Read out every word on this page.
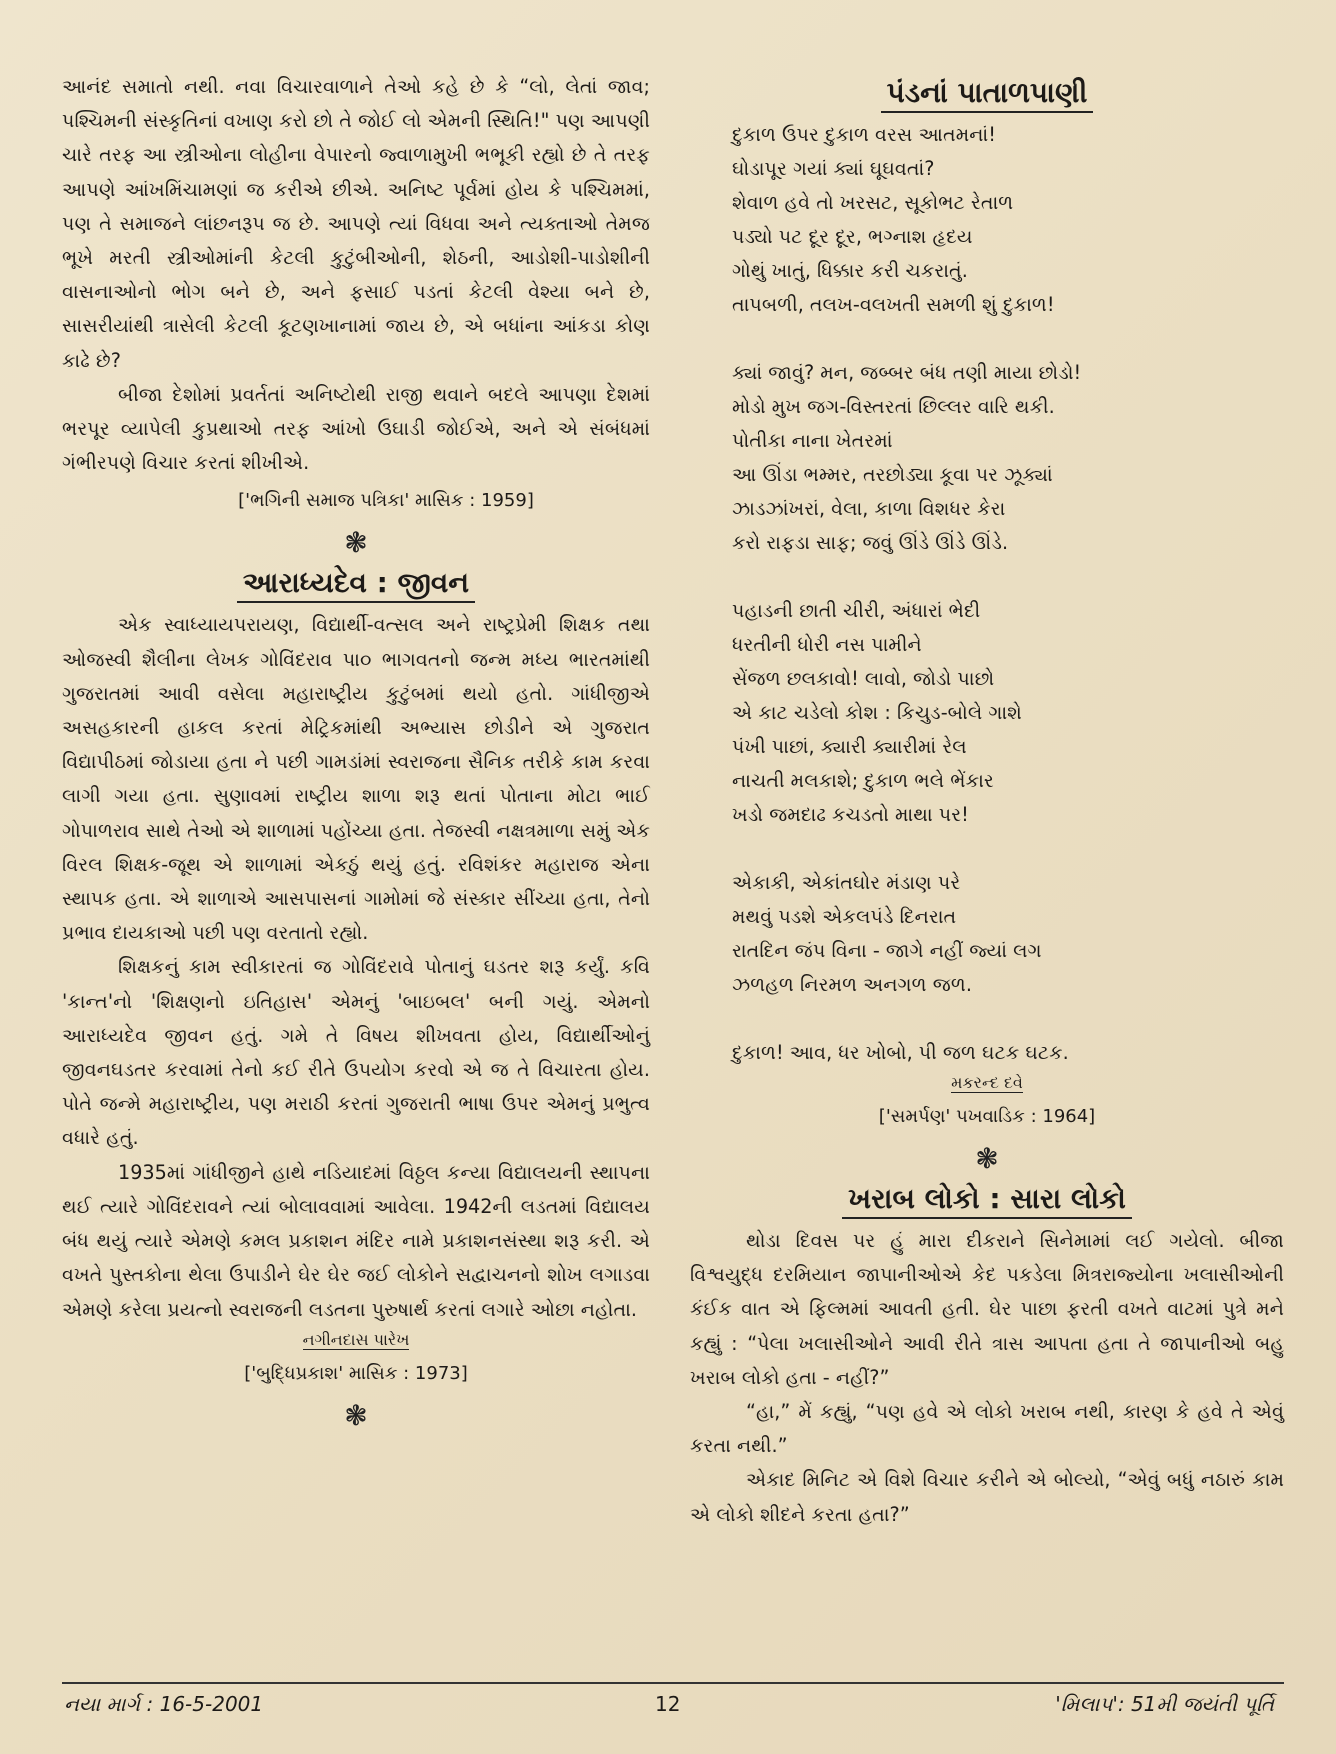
આનંદ સમાતો નથી. નવા વિચારવાળાને તેઓ કહે છે કે “લો, લેતાં જાવ; પશ્ચિમની સંસ્કૃતિનાં વખાણ કરો છો તે જોઈ લો એમની સ્થિતિ!" પણ આપણી ચારે તરફ આ સ્ત્રીઓના લોહીના વેપારનો જ્વાળામુખી ભભૂકી રહ્યો છે તે તરફ આપણે આંખમિંચામણાં જ કરીએ છીએ. અનિષ્ટ પૂર્વમાં હોય કે પશ્ચિમમાં, પણ તે સમાજને લાંછનરૂપ જ છે. આપણે ત્યાં વિધવા અને ત્યક્તાઓ તેમજ ભૂખે મરતી સ્ત્રીઓમાંની કેટલી કુટુંબીઓની, શેઠની, આડોશી-પાડોશીની વાસનાઓનો ભોગ બને છે, અને ફસાઈ પડતાં કેટલી વેશ્યા બને છે, સાસરીયાંથી ત્રાસેલી કેટલી કૂટણખાનામાં જાય છે, એ બધાંના આંકડા કોણ કાઢે છે?

બીજા દેશોમાં પ્રવર્તતાં અનિષ્ટોથી રાજી થવાને બદલે આપણા દેશમાં ભરપૂર વ્યાપેલી કુપ્રથાઓ તરફ આંખો ઉઘાડી જોઈએ, અને એ સંબંધમાં ગંભીરપણે વિચાર કરતાં શીખીએ.

['ભગિની સમાજ પત્રિકા' માસિક : 1959]

❃
આરાધ્યદેવ : જીવન

એક સ્વાધ્યાયપરાયણ, વિદ્યાર્થી-વત્સલ અને રાષ્ટ્રપ્રેમી શિક્ષક તથા ઓજસ્વી શૈલીના લેખક ગોવિંદરાવ પા૦ ભાગવતનો જન્મ મધ્ય ભારતમાંથી ગુજરાતમાં આવી વસેલા મહારાષ્ટ્રીય કુટુંબમાં થયો હતો. ગાંધીજીએ અસહકારની હાકલ કરતાં મેટ્રિકમાંથી અભ્યાસ છોડીને એ ગુજરાત વિદ્યાપીઠમાં જોડાયા હતા ને પછી ગામડાંમાં સ્વરાજના સૈનિક તરીકે કામ કરવા લાગી ગયા હતા. સુણાવમાં રાષ્ટ્રીય શાળા શરૂ થતાં પોતાના મોટા ભાઈ ગોપાળરાવ સાથે તેઓ એ શાળામાં પહોંચ્યા હતા. તેજસ્વી નક્ષત્રમાળા સમું એક વિરલ શિક્ષક-જૂથ એ શાળામાં એકઠું થયું હતું. રવિશંકર મહારાજ એના સ્થાપક હતા. એ શાળાએ આસપાસનાં ગામોમાં જે સંસ્કાર સીંચ્યા હતા, તેનો પ્રભાવ દાયકાઓ પછી પણ વરતાતો રહ્યો.

શિક્ષકનું કામ સ્વીકારતાં જ ગોવિંદરાવે પોતાનું ઘડતર શરૂ કર્યું. કવિ 'કાન્ત'નો 'શિક્ષણનો ઇતિહાસ' એમનું 'બાઇબલ' બની ગયું. એમનો આરાધ્યદેવ જીવન હતું. ગમે તે વિષય શીખવતા હોય, વિદ્યાર્થીઓનું જીવનઘડતર કરવામાં તેનો કઈ રીતે ઉપયોગ કરવો એ જ તે વિચારતા હોય. પોતે જન્મે મહારાષ્ટ્રીય, પણ મરાઠી કરતાં ગુજરાતી ભાષા ઉપર એમનું પ્રભુત્વ વધારે હતું.

1935માં ગાંધીજીને હાથે નડિયાદમાં વિઠ્ઠલ કન્યા વિદ્યાલયની સ્થાપના થઈ ત્યારે ગોવિંદરાવને ત્યાં બોલાવવામાં આવેલા. 1942ની લડતમાં વિદ્યાલય બંધ થયું ત્યારે એમણે કમલ પ્રકાશન મંદિર નામે પ્રકાશનસંસ્થા શરૂ કરી. એ વખતે પુસ્તકોના થેલા ઉપાડીને ઘેર ઘેર જઈ લોકોને સદ્વાચનનો શોખ લગાડવા એમણે કરેલા પ્રયત્નો સ્વરાજની લડતના પુરુષાર્થ કરતાં લગારે ઓછા નહોતા.

નગીનદાસ પારેખ

['બુદ્ધિપ્રકાશ' માસિક : 1973]

❃
પંડનાં પાતાળપાણી

દુકાળ ઉપર દુકાળ વરસ આતમનાં!

ઘોડાપૂર ગયાં ક્યાં ઘૂઘવતાં?

શેવાળ હવે તો ખરસટ, સૂકોભટ રેતાળ

પડ્યો પટ દૂર દૂર, ભગ્નાશ હૃદય

ગોથું ખાતું, ધિક્કાર કરી ચકરાતું.

તાપબળી, તલખ-વલખતી સમળી શું દુકાળ!

ક્યાં જાવું? મન, જબ્બર બંધ તણી માયા છોડો!

મોડો મુખ જગ-વિસ્તરતાં છિલ્લર વારિ થકી.

પોતીકા નાના ખેતરમાં

આ ઊંડા ભમ્મર, તરછોડ્યા કૂવા પર ઝૂક્યાં

ઝાડઝાંખરાં, વેલા, કાળા વિશધર કેરા

કરો રાફડા સાફ; જવું ઊંડે ઊંડે ઊંડે.

પહાડની છાતી ચીરી, અંધારાં ભેદી

ધરતીની ધોરી નસ પામીને

સેંજળ છલકાવો! લાવો, જોડો પાછો

એ કાટ ચડેલો કોશ : કિચુડ-બોલે ગાશે

પંખી પાછાં, ક્યારી ક્યારીમાં રેલ

નાચતી મલકાશે; દુકાળ ભલે ભેંકાર

ખડો જમદાઢ કચડતો માથા પર!

એકાકી, એકાંતઘોર મંડાણ પરે

મથવું પડશે એકલપંડે દિનરાત

રાતદિન જંપ વિના - જાગે નહીં જ્યાં લગ

ઝળહળ નિરમળ અનગળ જળ.

દુકાળ! આવ, ધર ખોબો, પી જળ ઘટક ઘટક.

મકરન્દ દવે

['સમર્પણ' પખવાડિક : 1964]

❃
ખરાબ લોકો : સારા લોકો

થોડા દિવસ પર હું મારા દીકરાને સિનેમામાં લઈ ગયેલો. બીજા વિશ્વયુદ્ધ દરમિયાન જાપાનીઓએ કેદ પકડેલા મિત્રરાજ્યોના ખલાસીઓની કંઈક વાત એ ફિલ્મમાં આવતી હતી. ઘેર પાછા ફરતી વખતે વાટમાં પુત્રે મને કહ્યું : “પેલા ખલાસીઓને આવી રીતે ત્રાસ આપતા હતા તે જાપાનીઓ બહુ ખરાબ લોકો હતા - નહીં?”

“હા,” મેં કહ્યું, “પણ હવે એ લોકો ખરાબ નથી, કારણ કે હવે તે એવું કરતા નથી.”

એકાદ મિનિટ એ વિશે વિચાર કરીને એ બોલ્યો, “એવું બધું નઠારું કામ એ લોકો શીદને કરતા હતા?”

નયા માર્ગ : 16-5-2001	12	'મિલાપ': 51મી જયંતી પૂર્તિ
